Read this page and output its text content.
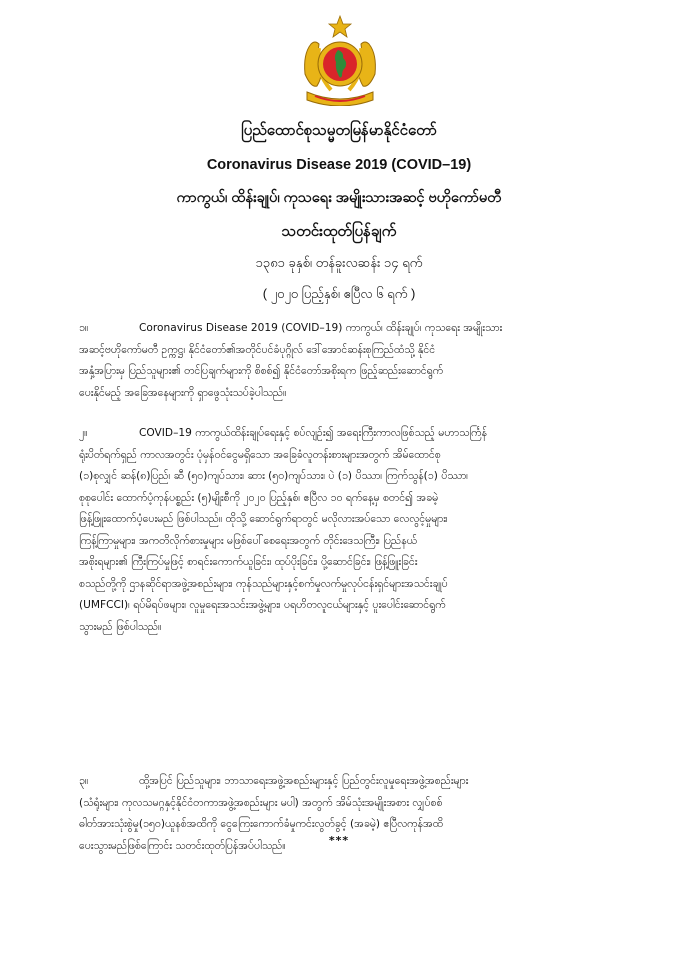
ပြည်ထောင်စုသမ္မတမြန်မာနိုင်ငံတော်
Coronavirus Disease 2019 (COVID–19)
ကာကွယ်၊ ထိန်းချုပ်၊ ကုသရေး အမျိုးသားအဆင့် ဗဟိုကော်မတီ
သတင်းထုတ်ပြန်ချက်
၁၃၈၁ ခုနှစ်၊ တန်ခူးလဆန်း ၁၄ ရက်
( ၂၀၂၀ ပြည့်နှစ်၊ ဧပြီလ ၆ ရက် )
၁။	Coronavirus Disease 2019 (COVID–19) ကာကွယ်၊ ထိန်းချုပ်၊ ကုသရေး အမျိုးသား
အဆင့်ဗဟိုကော်မတီ ဥက္ကဋ္ဌ၊ နိုင်ငံတော်၏အတိုင်ပင်ခံပုဂ္ဂိုလ် ဒေါ်အောင်ဆန်းစုကြည်ထံသို့ နိုင်ငံ
အနှံ့အပြားမှ ပြည်သူများ၏ တင်ပြချက်များကို စိစစ်၍ နိုင်ငံတော်အစိုးရက ဖြည့်ဆည်းဆောင်ရွက်
ပေးနိုင်မည့် အခြေအနေများကို ရှာဖွေသုံးသပ်ခဲ့ပါသည်။
၂။	COVID–19 ကာကွယ်ထိန်းချုပ်ရေးနှင့် စပ်လျဉ်း၍ အရေးကြီးကာလဖြစ်သည့် မဟာသင်္ကြန်
ရုံးပိတ်ရက်ရှည် ကာလအတွင်း ပုံမှန်ဝင်ငွေမရှိသော အခြေခံလူတန်းစားများအတွက် အိမ်ထောင်စု
(၁)စုလျှင် ဆန်(၈)ပြည်၊ ဆီ (၅၀)ကျပ်သား၊ ဆား (၅၀)ကျပ်သား၊ ပဲ (၁) ပိဿာ၊ ကြက်သွန်(၁) ပိဿာ၊
စုစုပေါင်း ထောက်ပံ့ကုန်ပစ္စည်း (၅)မျိုးစီကို ၂၀၂၀ ပြည့်နှစ်၊ ဧပြီလ ၁၀ ရက်နေ့မှ စတင်၍ အခမဲ့
ဖြန့်ဖြူးထောက်ပံ့ပေးမည် ဖြစ်ပါသည်။ ထိုသို့ ဆောင်ရွက်ရာတွင် မလိုလားအပ်သော လေလွင့်မှုများ၊
ကြန့်ကြာမှုများ၊ အကတိလိုက်စားမှုများ မဖြစ်ပေါ်စေရေးအတွက် တိုင်းဒေသကြီး၊ ပြည်နယ်
အစိုးရများ၏ ကြီးကြပ်မှုဖြင့် စာရင်းကောက်ယူခြင်း၊ ထုပ်ပိုးခြင်း၊ ပို့ဆောင်ခြင်း၊ ဖြန့်ဖြူးခြင်း
စသည်တို့ကို ဌာနဆိုင်ရာအဖွဲ့အစည်းများ၊ ကုန်သည်များနှင့်စက်မှုလက်မှုလုပ်ငန်းရှင်များအသင်းချုပ်
(UMFCCI)၊ ရပ်မိရပ်ဖများ၊ လူမှုရေးအသင်းအဖွဲ့များ၊ ပရဟိတလူငယ်များနှင့် ပူးပေါင်းဆောင်ရွက်
သွားမည် ဖြစ်ပါသည်။
၃။	ထို့အပြင် ပြည်သူများ၊ ဘာသာရေးအဖွဲ့အစည်းများနှင့် ပြည်တွင်းလူမှုရေးအဖွဲ့အစည်းများ
(သံရုံးများ၊ ကုလသမဂ္ဂနှင့်နိုင်ငံတကာအဖွဲ့အစည်းများ မပါ) အတွက် အိမ်သုံးအမျိုးအစား လျှပ်စစ်
ဓါတ်အားသုံးစွဲမှု(၁၅၀)ယူနစ်အထိကို ငွေကြေးကောက်ခံမှုကင်းလွတ်ခွင့် (အခမဲ့) ဧပြီလကုန်အထိ
ပေးသွားမည်ဖြစ်ကြောင်း သတင်းထုတ်ပြန်အပ်ပါသည်။	***
